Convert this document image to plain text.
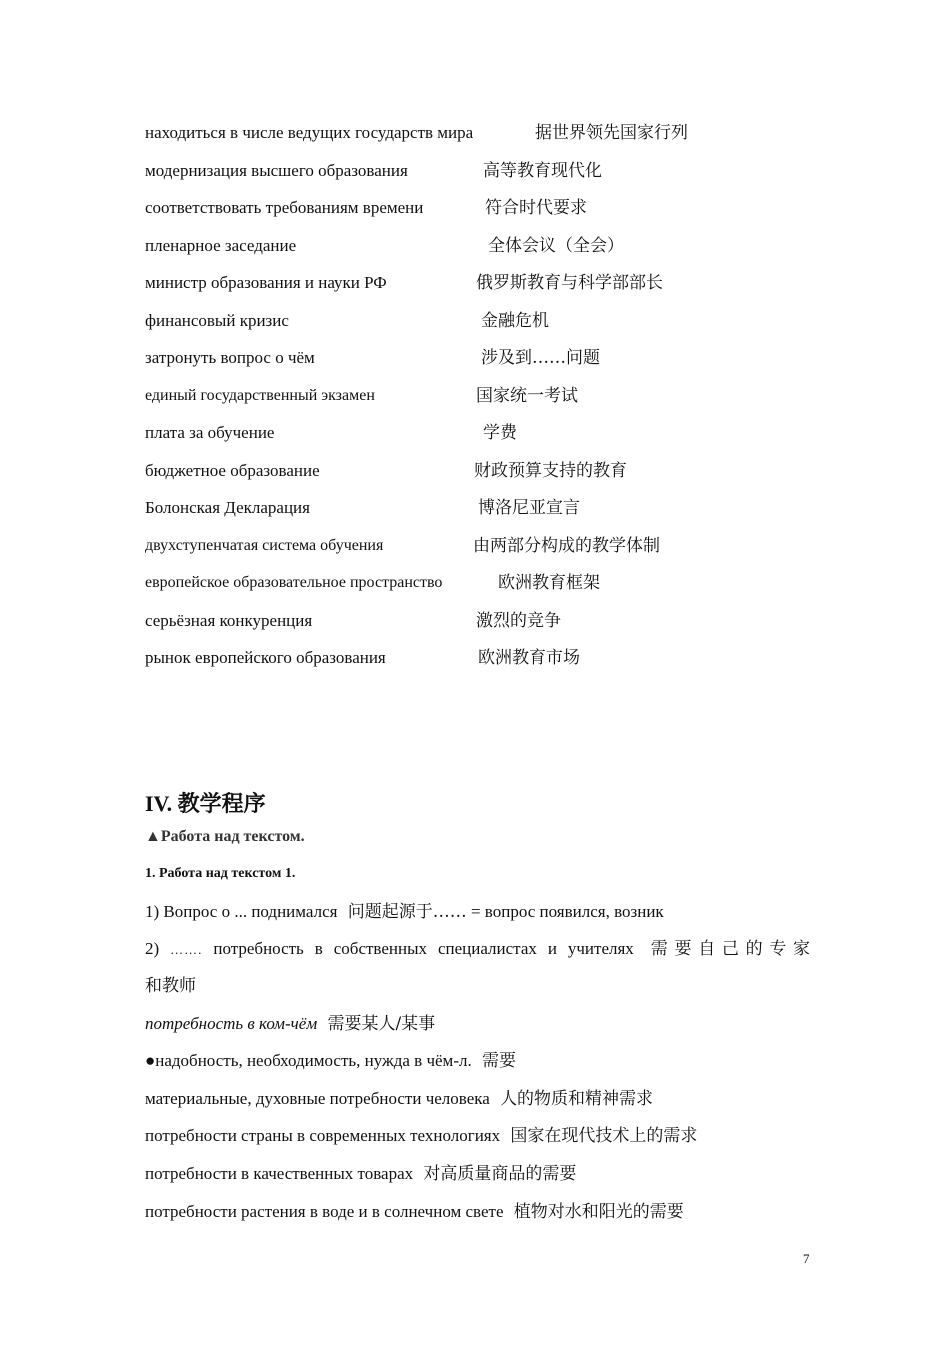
находиться в числе ведущих государств мира	据世界领先国家行列
модернизация высшего образования	高等教育现代化
соответствовать требованиям времени	符合时代要求
пленарное заседание	全体会议（全会）
министр образования и науки РФ	俄罗斯教育与科学部部长
финансовый кризис	金融危机
затронуть вопрос о чём	涉及到……问题
единый государственный экзамен	国家统一考试
плата за обучение	学费
бюджетное образование	财政预算支持的教育
Болонская Декларация	博洛尼亚宣言
двухступенчатая система обучения	由两部分构成的教学体制
европейское образовательное пространство	欧洲教育框架
серьёзная конкуренция	激烈的竞争
рынок европейского образования	欧洲教育市场
IV. 教学程序
▲Работа над текстом.
1. Работа над текстом 1.
1) Вопрос о ... поднимался 问题起源于…… = вопрос появился, возник
2) ……. потребность в собственных специалистах и учителях 需要自己的专家
和教师
потребность в ком-чём 需要某人/某事
●надобность, необходимость, нужда в чём-л. 需要
материальные, духовные потребности человека 人的物质和精神需求
потребности страны в современных технологиях 国家在现代技术上的需求
потребности в качественных товарах 对高质量商品的需要
потребности растения в воде и в солнечном свете 植物对水和阳光的需要
7
